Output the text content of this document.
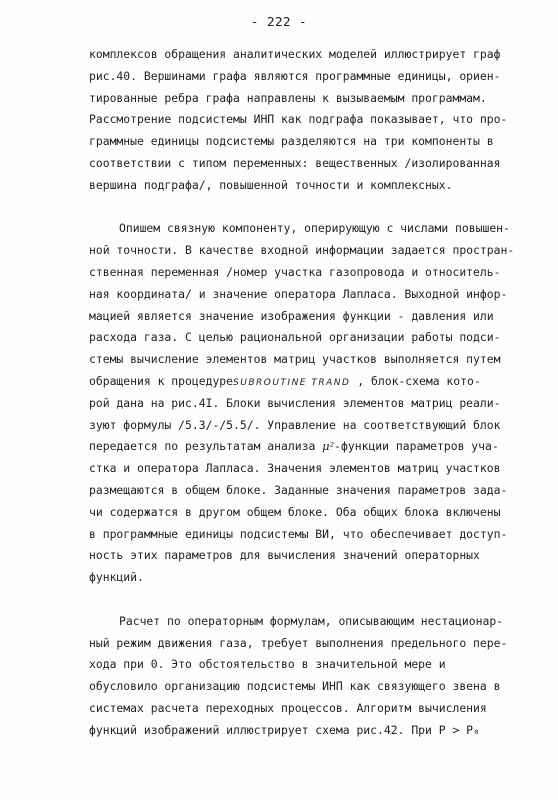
- 222 -
комплексов обращения аналитических моделей иллюстрирует граф
рис.40. Вершинами графа являются программные единицы, ориен-
тированные ребра графа направлены к вызываемым программам.
Рассмотрение подсистемы ИНП как подграфа показывает, что про-
граммные единицы подсистемы разделяются на три компоненты в
соответствии с типом переменных: вещественных /изолированная
вершина подграфа/, повышенной точности и комплексных.
Опишем связную компоненту, оперирующую с числами повышен-
ной точности. В качестве входной информации задается простран-
ственная переменная /номер участка газопровода и относитель-
ная координата/ и значение оператора Лапласа. Выходной инфор-
мацией является значение изображения функции - давления или
расхода газа. С целью рациональной организации работы подси-
стемы вычисление элементов матриц участков выполняется путем
обращения к процедуреSUBROUTINE TRAND , блок-схема кото-
рой дана на рис.4I. Блоки вычисления элементов матриц реали-
зуют формулы /5.3/-/5.5/. Управление на соответствующий блок
передается по результатам анализа μ²-функции параметров уча-
стка и оператора Лапласа. Значения элементов матриц участков
размещаются в общем блоке. Заданные значения параметров зада-
чи содержатся в другом общем блоке. Оба общих блока включены
в программные единицы подсистемы ВИ, что обеспечивает доступ-
ность этих параметров для вычисления значений операторных
функций.
Расчет по операторным формулам, описывающим нестационар-
ный режим движения газа, требует выполнения предельного пере-
хода при 0. Это обстоятельство в значительной мере и
обусловило организацию подсистемы ИНП как связующего звена в
системах расчета переходных процессов. Алгоритм вычисления
функций изображений иллюстрирует схема рис.42. При P > P₀
